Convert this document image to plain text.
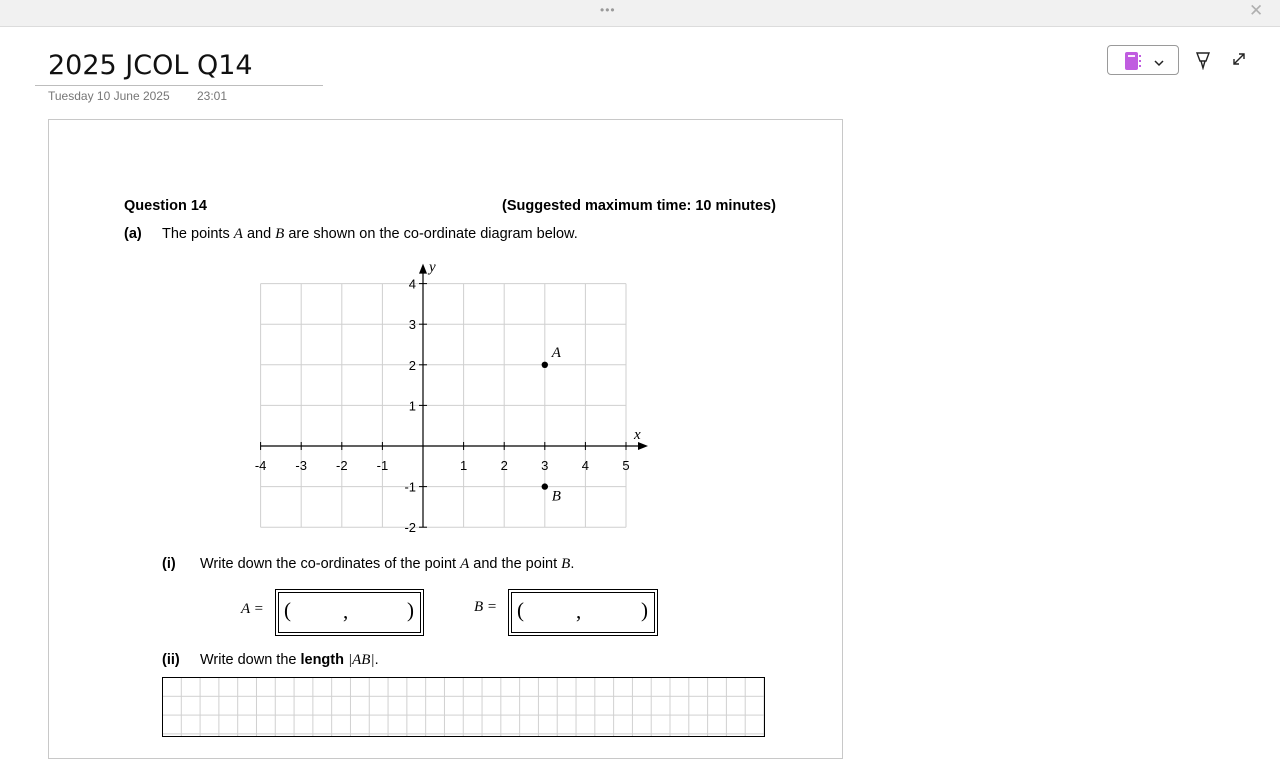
•••	✕
2025 JCOL Q14
Tuesday 10 June 2025 23:01
Question 14	(Suggested maximum time: 10 minutes)
(a) The points A and B are shown on the co-ordinate diagram below.
x
y
-4 -3 -2 -1	1	2	3	4	5
-2
-1
1
2
3
4
A
B
(i) Write down the co-ordinates of the point A and the point B.
A = ( ,	)	B = ( ,	)
(ii) Write down the length |AB|.
